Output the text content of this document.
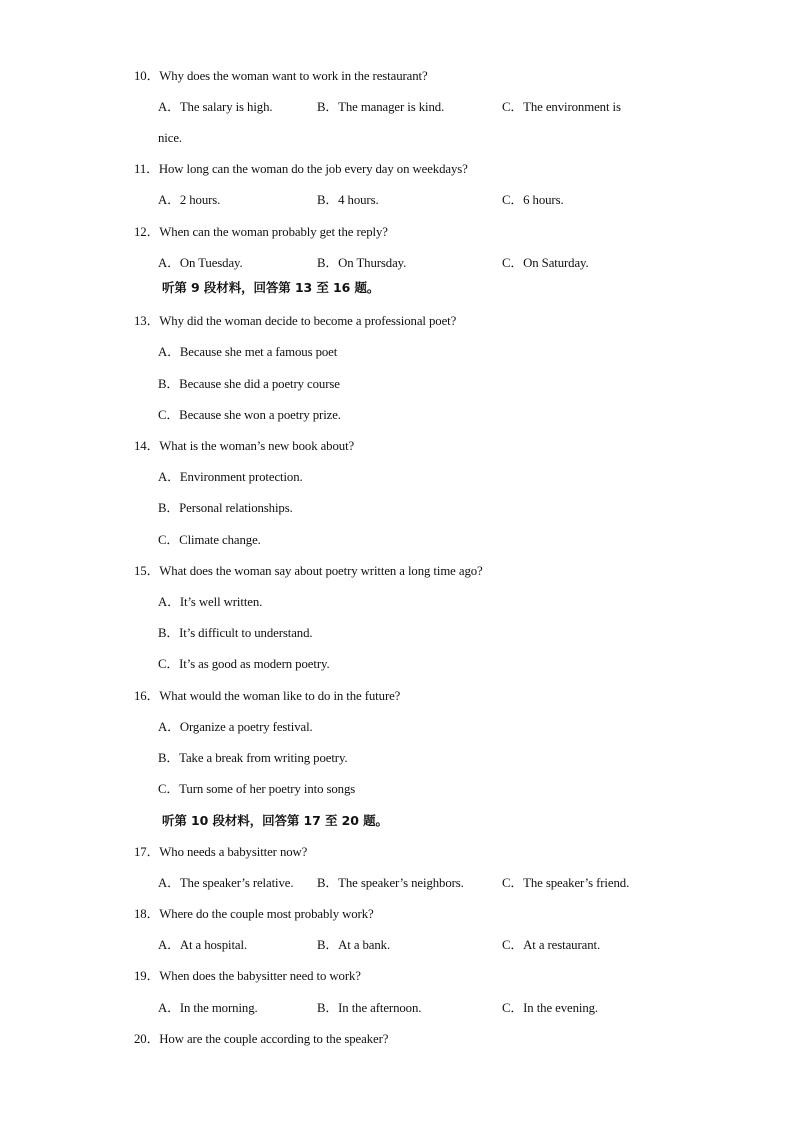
10．Why does the woman want to work in the restaurant?
A．The salary is high.	B．The manager is kind.	C．The environment is
nice.
11．How long can the woman do the job every day on weekdays?
A．2 hours.	B．4 hours.	C．6 hours.
12．When can the woman probably get the reply?
A．On Tuesday.	B．On Thursday.	C．On Saturday.
听第 9 段材料，回答第 13 至 16 题。
13．Why did the woman decide to become a professional poet?
A．Because she met a famous poet
B．Because she did a poetry course
C．Because she won a poetry prize.
14．What is the woman’s new book about?
A．Environment protection.
B．Personal relationships.
C．Climate change.
15．What does the woman say about poetry written a long time ago?
A．It’s well written.
B．It’s difficult to understand.
C．It’s as good as modern poetry.
16．What would the woman like to do in the future?
A．Organize a poetry festival.
B．Take a break from writing poetry.
C．Turn some of her poetry into songs
听第 10 段材料，回答第 17 至 20 题。
17．Who needs a babysitter now?
A．The speaker’s relative. B．The speaker’s neighbors.	C．The speaker’s friend.
18．Where do the couple most probably work?
A．At a hospital.	B．At a bank.	C．At a restaurant.
19．When does the babysitter need to work?
A．In the morning.	B．In the afternoon.	C．In the evening.
20．How are the couple according to the speaker?
